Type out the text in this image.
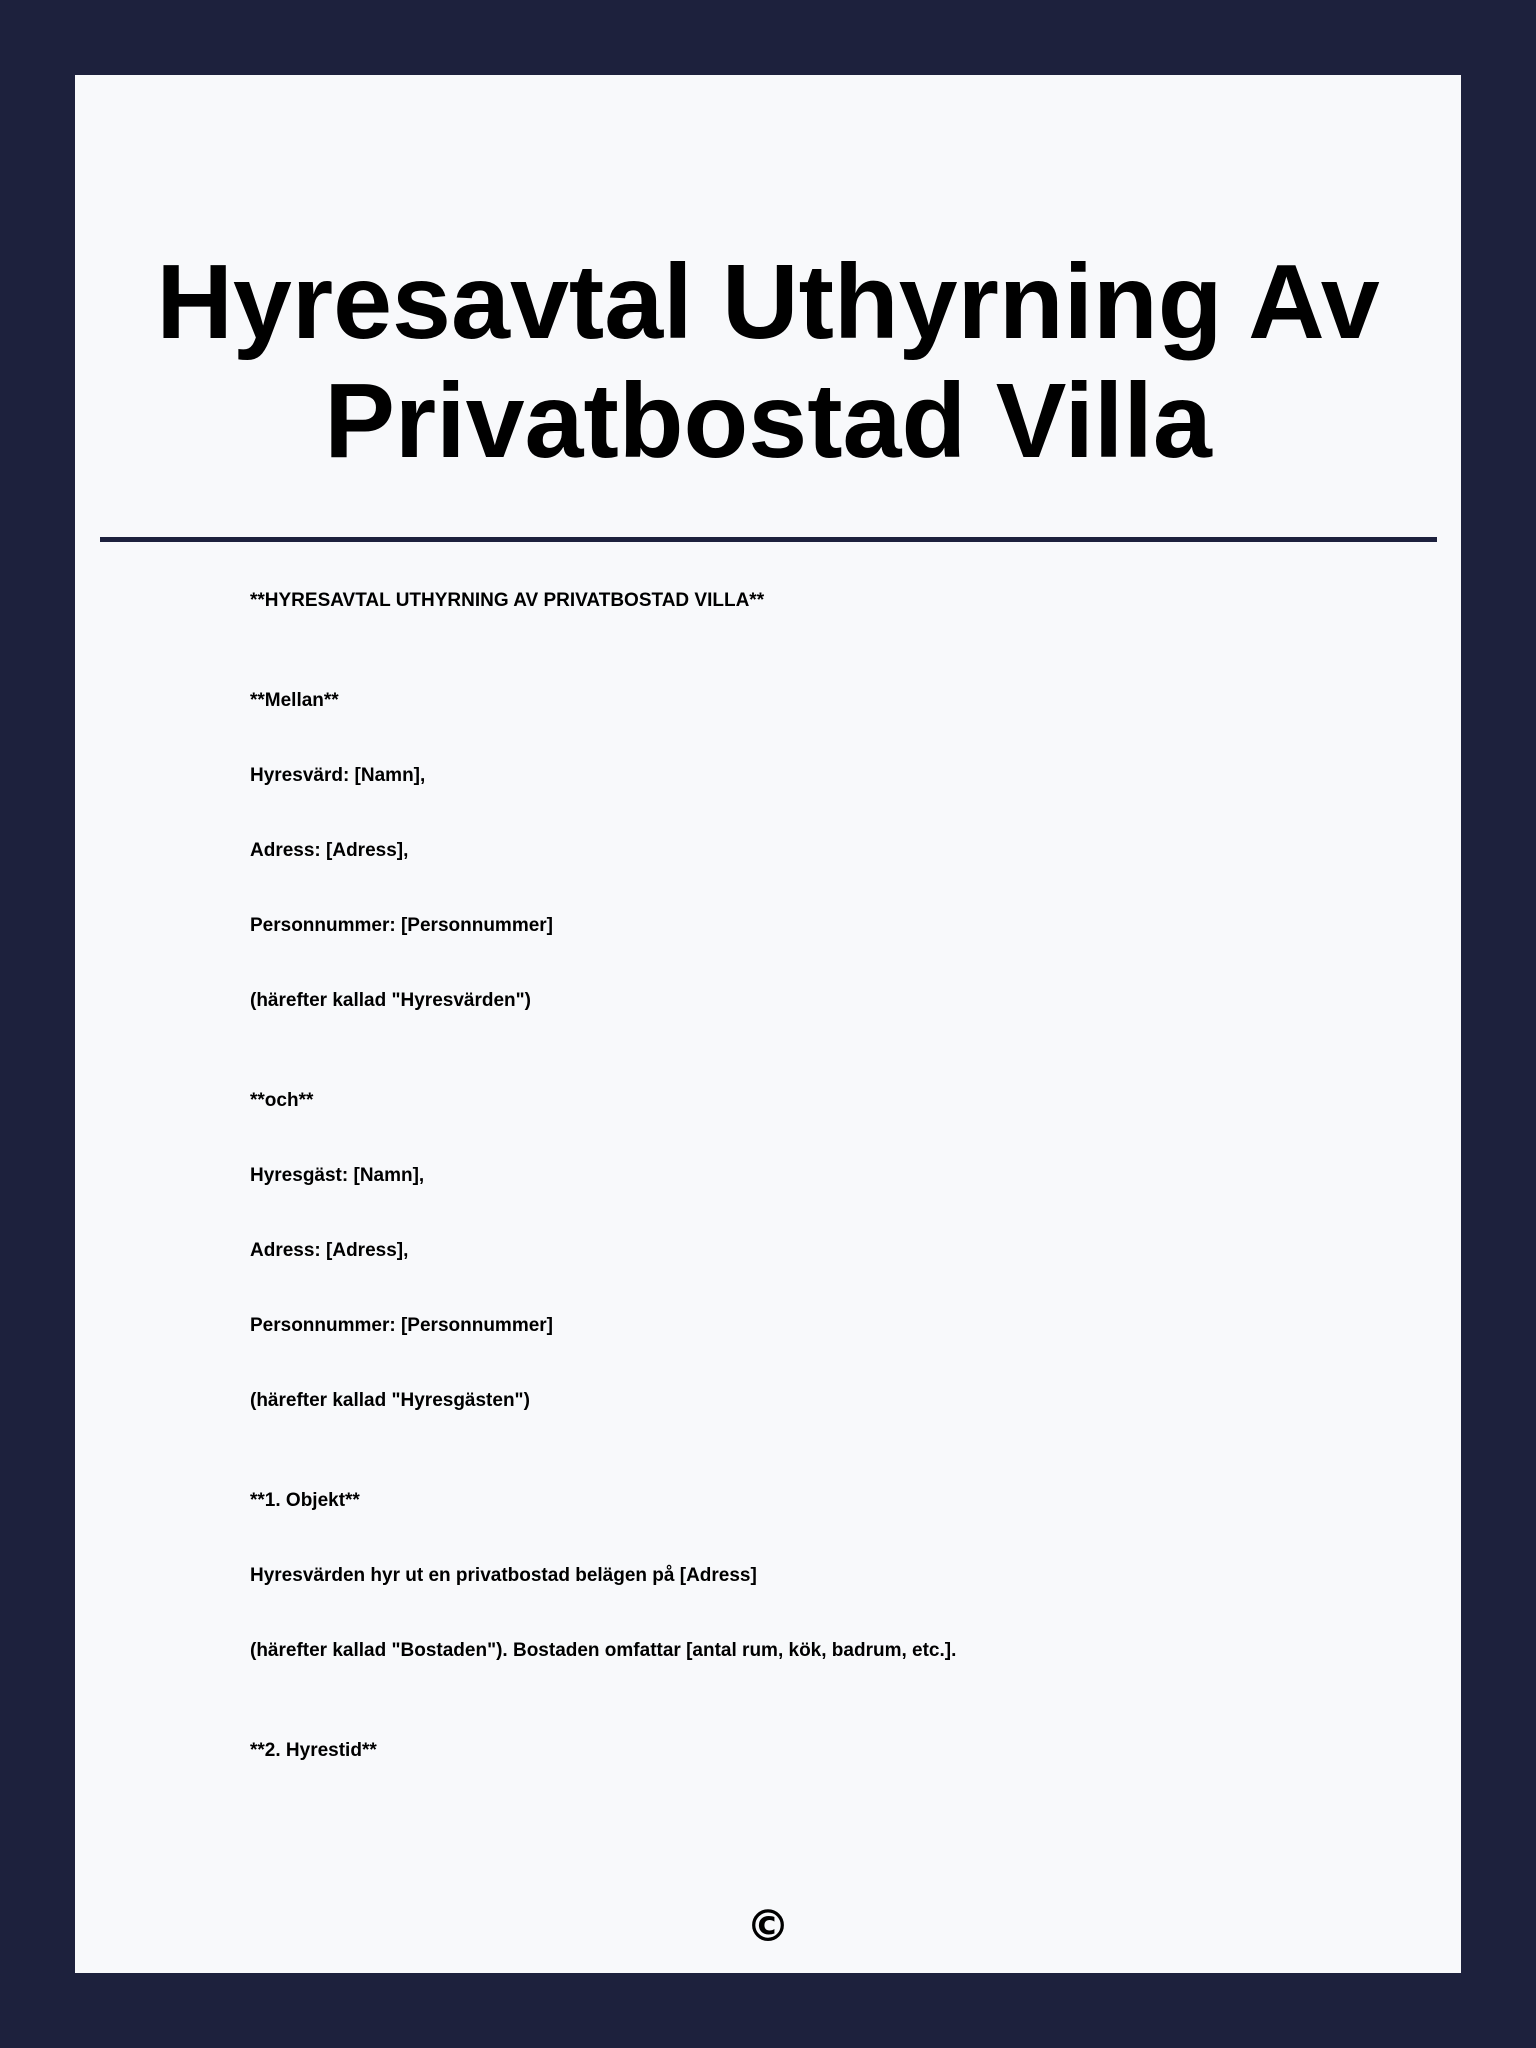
Hyresavtal Uthyrning Av
Privatbostad Villa

**HYRESAVTAL UTHYRNING AV PRIVATBOSTAD VILLA**

**Mellan**

Hyresvärd: [Namn],

Adress: [Adress],

Personnummer: [Personnummer]

(härefter kallad "Hyresvärden")

**och**

Hyresgäst: [Namn],

Adress: [Adress],

Personnummer: [Personnummer]

(härefter kallad "Hyresgästen")

**1. Objekt**

Hyresvärden hyr ut en privatbostad belägen på [Adress]

(härefter kallad "Bostaden"). Bostaden omfattar [antal rum, kök, badrum, etc.].

**2. Hyrestid**

©
